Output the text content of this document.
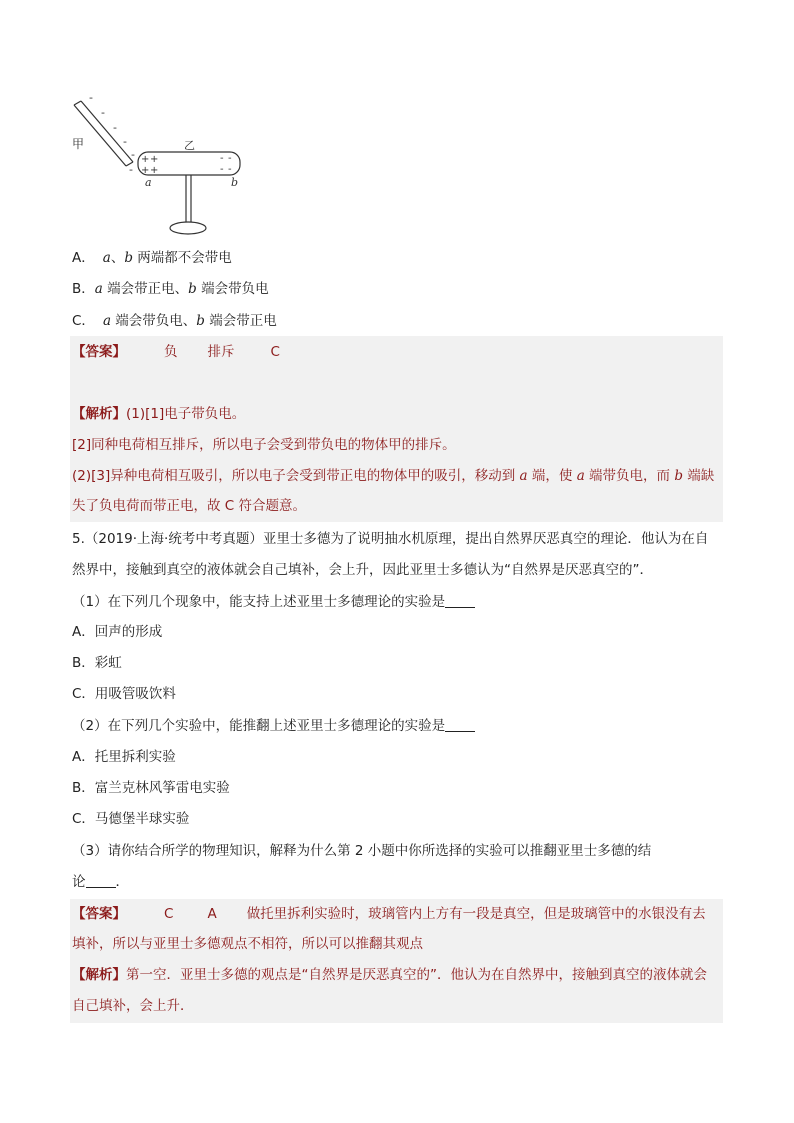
-
-
-
-
-
-
甲	乙
+ +
+ +
- -
- -
a	b
A． a、b 两端都不会带电
B．a 端会带正电、b 端会带负电
C． a 端会带负电、b 端会带正电
【答案】	负 排斥	C
【解析】(1)[1]电子带负电。
[2]同种电荷相互排斥，所以电子会受到带负电的物体甲的排斥。
(2)[3]异种电荷相互吸引，所以电子会受到带正电的物体甲的吸引，移动到 a 端，使 a 端带负电，而 b 端缺
失了负电荷而带正电，故 C 符合题意。
5.（2019·上海·统考中考真题）亚里士多德为了说明抽水机原理，提出自然界厌恶真空的理论．他认为在自
然界中，接触到真空的液体就会自己填补，会上升，因此亚里士多德认为“自然界是厌恶真空的”．
（1）在下列几个现象中，能支持上述亚里士多德理论的实验是
A．回声的形成
B．彩虹
C．用吸管吸饮料
（2）在下列几个实验中，能推翻上述亚里士多德理论的实验是
A．托里拆利实验
B．富兰克林风筝雷电实验
C．马德堡半球实验
（3）请你结合所学的物理知识，解释为什么第 2 小题中你所选择的实验可以推翻亚里士多德的结
论 ．
【答案】	C	A 做托里拆利实验时，玻璃管内上方有一段是真空，但是玻璃管中的水银没有去
填补，所以与亚里士多德观点不相符，所以可以推翻其观点
【解析】第一空．亚里士多德的观点是“自然界是厌恶真空的”．他认为在自然界中，接触到真空的液体就会
自己填补，会上升．
